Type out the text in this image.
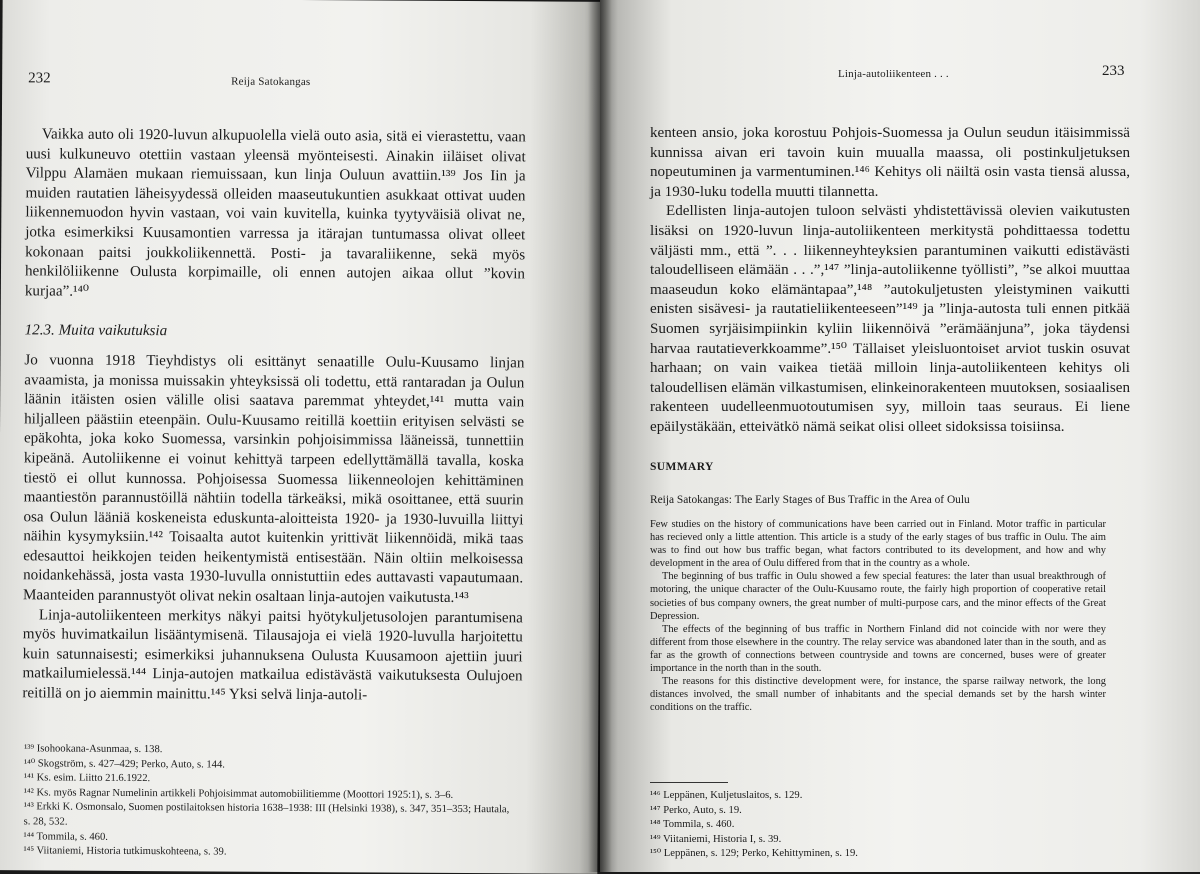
232	Reija Satokangas

Vaikka auto oli 1920-luvun alkupuolella vielä outo asia, sitä ei vierastettu, vaan uusi kulkuneuvo otettiin vastaan yleensä myönteisesti. Ainakin iiläiset olivat Vilppu Alamäen mukaan riemuissaan, kun linja Ouluun avattiin.¹³⁹ Jos Iin ja muiden rautatien läheisyydessä olleiden maaseutukuntien asukkaat ottivat uuden liikennemuodon hyvin vastaan, voi vain kuvitella, kuinka tyytyväisiä olivat ne, jotka esimerkiksi Kuusamontien varressa ja itärajan tuntumassa olivat olleet kokonaan paitsi joukkoliikennettä. Posti- ja tavaraliikenne, sekä myös henkilöliikenne Oulusta korpimaille, oli ennen autojen aikaa ollut ”kovin kurjaa”.¹⁴⁰

12.3. Muita vaikutuksia

Jo vuonna 1918 Tieyhdistys oli esittänyt senaatille Oulu-Kuusamo linjan avaamista, ja monissa muissakin yhteyksissä oli todettu, että rantaradan ja Oulun läänin itäisten osien välille olisi saatava paremmat yhteydet,¹⁴¹ mutta vain hiljalleen päästiin eteenpäin. Oulu-Kuusamo reitillä koettiin erityisen selvästi se epäkohta, joka koko Suomessa, varsinkin pohjoisimmissa lääneissä, tunnettiin kipeänä. Autoliikenne ei voinut kehittyä tarpeen edellyttämällä tavalla, koska tiestö ei ollut kunnossa. Pohjoisessa Suomessa liikenneolojen kehittäminen maantiestön parannustöillä nähtiin todella tärkeäksi, mikä osoittanee, että suurin osa Oulun lääniä koskeneista eduskunta-aloitteista 1920- ja 1930-luvuilla liittyi näihin kysymyksiin.¹⁴² Toisaalta autot kuitenkin yrittivät liikennöidä, mikä taas edesauttoi heikkojen teiden heikentymistä entisestään. Näin oltiin melkoisessa noidankehässä, josta vasta 1930-luvulla onnistuttiin edes auttavasti vapautumaan. Maanteiden parannustyöt olivat nekin osaltaan linja-autojen vaikutusta.¹⁴³

Linja-autoliikenteen merkitys näkyi paitsi hyötykuljetusolojen parantumisena myös huvimatkailun lisääntymisenä. Tilausajoja ei vielä 1920-luvulla harjoitettu kuin satunnaisesti; esimerkiksi juhannuksena Oulusta Kuusamoon ajettiin juuri matkailumielessä.¹⁴⁴ Linja-autojen matkailua edistävästä vaikutuksesta Oulujoen reitillä on jo aiemmin mainittu.¹⁴⁵ Yksi selvä linja-autoli-

¹³⁹ Isohookana-Asunmaa, s. 138.
¹⁴⁰ Skogström, s. 427–429; Perko, Auto, s. 144.
¹⁴¹ Ks. esim. Liitto 21.6.1922.
¹⁴² Ks. myös Ragnar Numelinin artikkeli Pohjoisimmat automobiilitiemme (Moottori 1925:1), s. 3–6.
¹⁴³ Erkki K. Osmonsalo, Suomen postilaitoksen historia 1638–1938: III (Helsinki 1938), s. 347, 351–353; Hautala, s. 28, 532.
¹⁴⁴ Tommila, s. 460.
¹⁴⁵ Viitaniemi, Historia tutkimuskohteena, s. 39.
Linja-autoliikenteen . . .	233

kenteen ansio, joka korostuu Pohjois-Suomessa ja Oulun seudun itäisimmissä kunnissa aivan eri tavoin kuin muualla maassa, oli postinkuljetuksen nopeutuminen ja varmentuminen.¹⁴⁶ Kehitys oli näiltä osin vasta tiensä alussa, ja 1930-luku todella muutti tilannetta.

Edellisten linja-autojen tuloon selvästi yhdistettävissä olevien vaikutusten lisäksi on 1920-luvun linja-autoliikenteen merkitystä pohdittaessa todettu väljästi mm., että ”. . . liikenneyhteyksien parantuminen vaikutti edistävästi taloudelliseen elämään . . .”,¹⁴⁷ ”linja-autoliikenne työllisti”, ”se alkoi muuttaa maaseudun koko elämäntapaa”,¹⁴⁸ ”autokuljetusten yleistyminen vaikutti enisten sisävesi- ja rautatieliikenteeseen”¹⁴⁹ ja ”linja-autosta tuli ennen pitkää Suomen syrjäisimpiinkin kyliin liikennöivä ”erämäänjuna”, joka täydensi harvaa rautatieverkkoamme”.¹⁵⁰ Tällaiset yleisluontoiset arviot tuskin osuvat harhaan; on vain vaikea tietää milloin linja-autoliikenteen kehitys oli taloudellisen elämän vilkastumisen, elinkeinorakenteen muutoksen, sosiaalisen rakenteen uudelleenmuotoutumisen syy, milloin taas seuraus. Ei liene epäilystäkään, etteivätkö nämä seikat olisi olleet sidoksissa toisiinsa.

SUMMARY
Reija Satokangas: The Early Stages of Bus Traffic in the Area of Oulu

Few studies on the history of communications have been carried out in Finland. Motor traffic in particular has recieved only a little attention. This article is a study of the early stages of bus traffic in Oulu. The aim was to find out how bus traffic began, what factors contributed to its development, and how and why development in the area of Oulu differed from that in the country as a whole.

The beginning of bus traffic in Oulu showed a few special features: the later than usual breakthrough of motoring, the unique character of the Oulu-Kuusamo route, the fairly high proportion of cooperative retail societies of bus company owners, the great number of multi-purpose cars, and the minor effects of the Great Depression.

The effects of the beginning of bus traffic in Northern Finland did not coincide with nor were they different from those elsewhere in the country. The relay service was abandoned later than in the south, and as far as the growth of connections between countryside and towns are concerned, buses were of greater importance in the north than in the south.

The reasons for this distinctive development were, for instance, the sparse railway network, the long distances involved, the small number of inhabitants and the special demands set by the harsh winter conditions on the traffic.

¹⁴⁶ Leppänen, Kuljetuslaitos, s. 129.
¹⁴⁷ Perko, Auto, s. 19.
¹⁴⁸ Tommila, s. 460.
¹⁴⁹ Viitaniemi, Historia I, s. 39.
¹⁵⁰ Leppänen, s. 129; Perko, Kehittyminen, s. 19.
